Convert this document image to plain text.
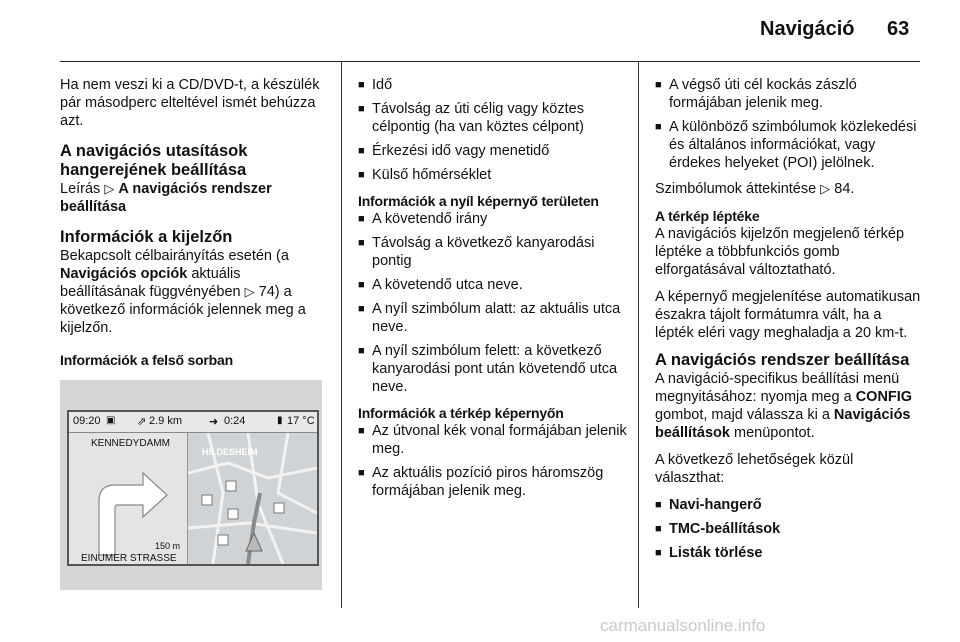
Navigáció 63

Ha nem veszi ki a CD/DVD-t, a készülék pár másodperc elteltével ismét behúzza azt.

A navigációs utasítások
hangerejének beállítása

Leírás ▷ A navigációs rendszer beállítása

Információk a kijelzőn

Bekapcsolt célbairányítás esetén (a Navigációs opciók aktuális beállításának függvényében ▷ 74) a következő információk jelennek meg a kijelzőn.

Információk a felső sorban
09:20 ▣ ⇗ 2.9 km ➜ 0:24	▮ 17 °C
KENNEDYDAMM
150 m
EINUMER STRASSE
HILDESHEIM
■ Idő
■ Távolság az úti célig vagy köztes célpontig (ha van köztes célpont)
■ Érkezési idő vagy menetidő
■ Külső hőmérséklet
Információk a nyíl képernyő területen
■ A követendő irány
■ Távolság a következő kanyarodási pontig
■ A követendő utca neve.
■ A nyíl szimbólum alatt: az aktuális utca neve.
■ A nyíl szimbólum felett: a következő kanyarodási pont után követendő utca neve.
Információk a térkép képernyőn
■ Az útvonal kék vonal formájában jelenik meg.
■ Az aktuális pozíció piros háromszög formájában jelenik meg.
■ A végső úti cél kockás zászló formájában jelenik meg.
■ A különböző szimbólumok közlekedési és általános információkat, vagy érdekes helyeket (POI) jelölnek.

Szimbólumok áttekintése ▷ 84.

A térkép léptéke

A navigációs kijelzőn megjelenő térkép léptéke a többfunkciós gomb elforgatásával változtatható.

A képernyő megjelenítése automatikusan északra tájolt formátumra vált, ha a lépték eléri vagy meghaladja a 20 km-t.

A navigációs rendszer beállítása

A navigáció-specifikus beállítási menü megnyitásához: nyomja meg a CONFIG gombot, majd válassza ki a Navigációs beállítások menüpontot.

A következő lehetőségek közül választhat:

■ Navi-hangerő
■ TMC-beállítások
■ Listák törlése
carmanualsonline.info
